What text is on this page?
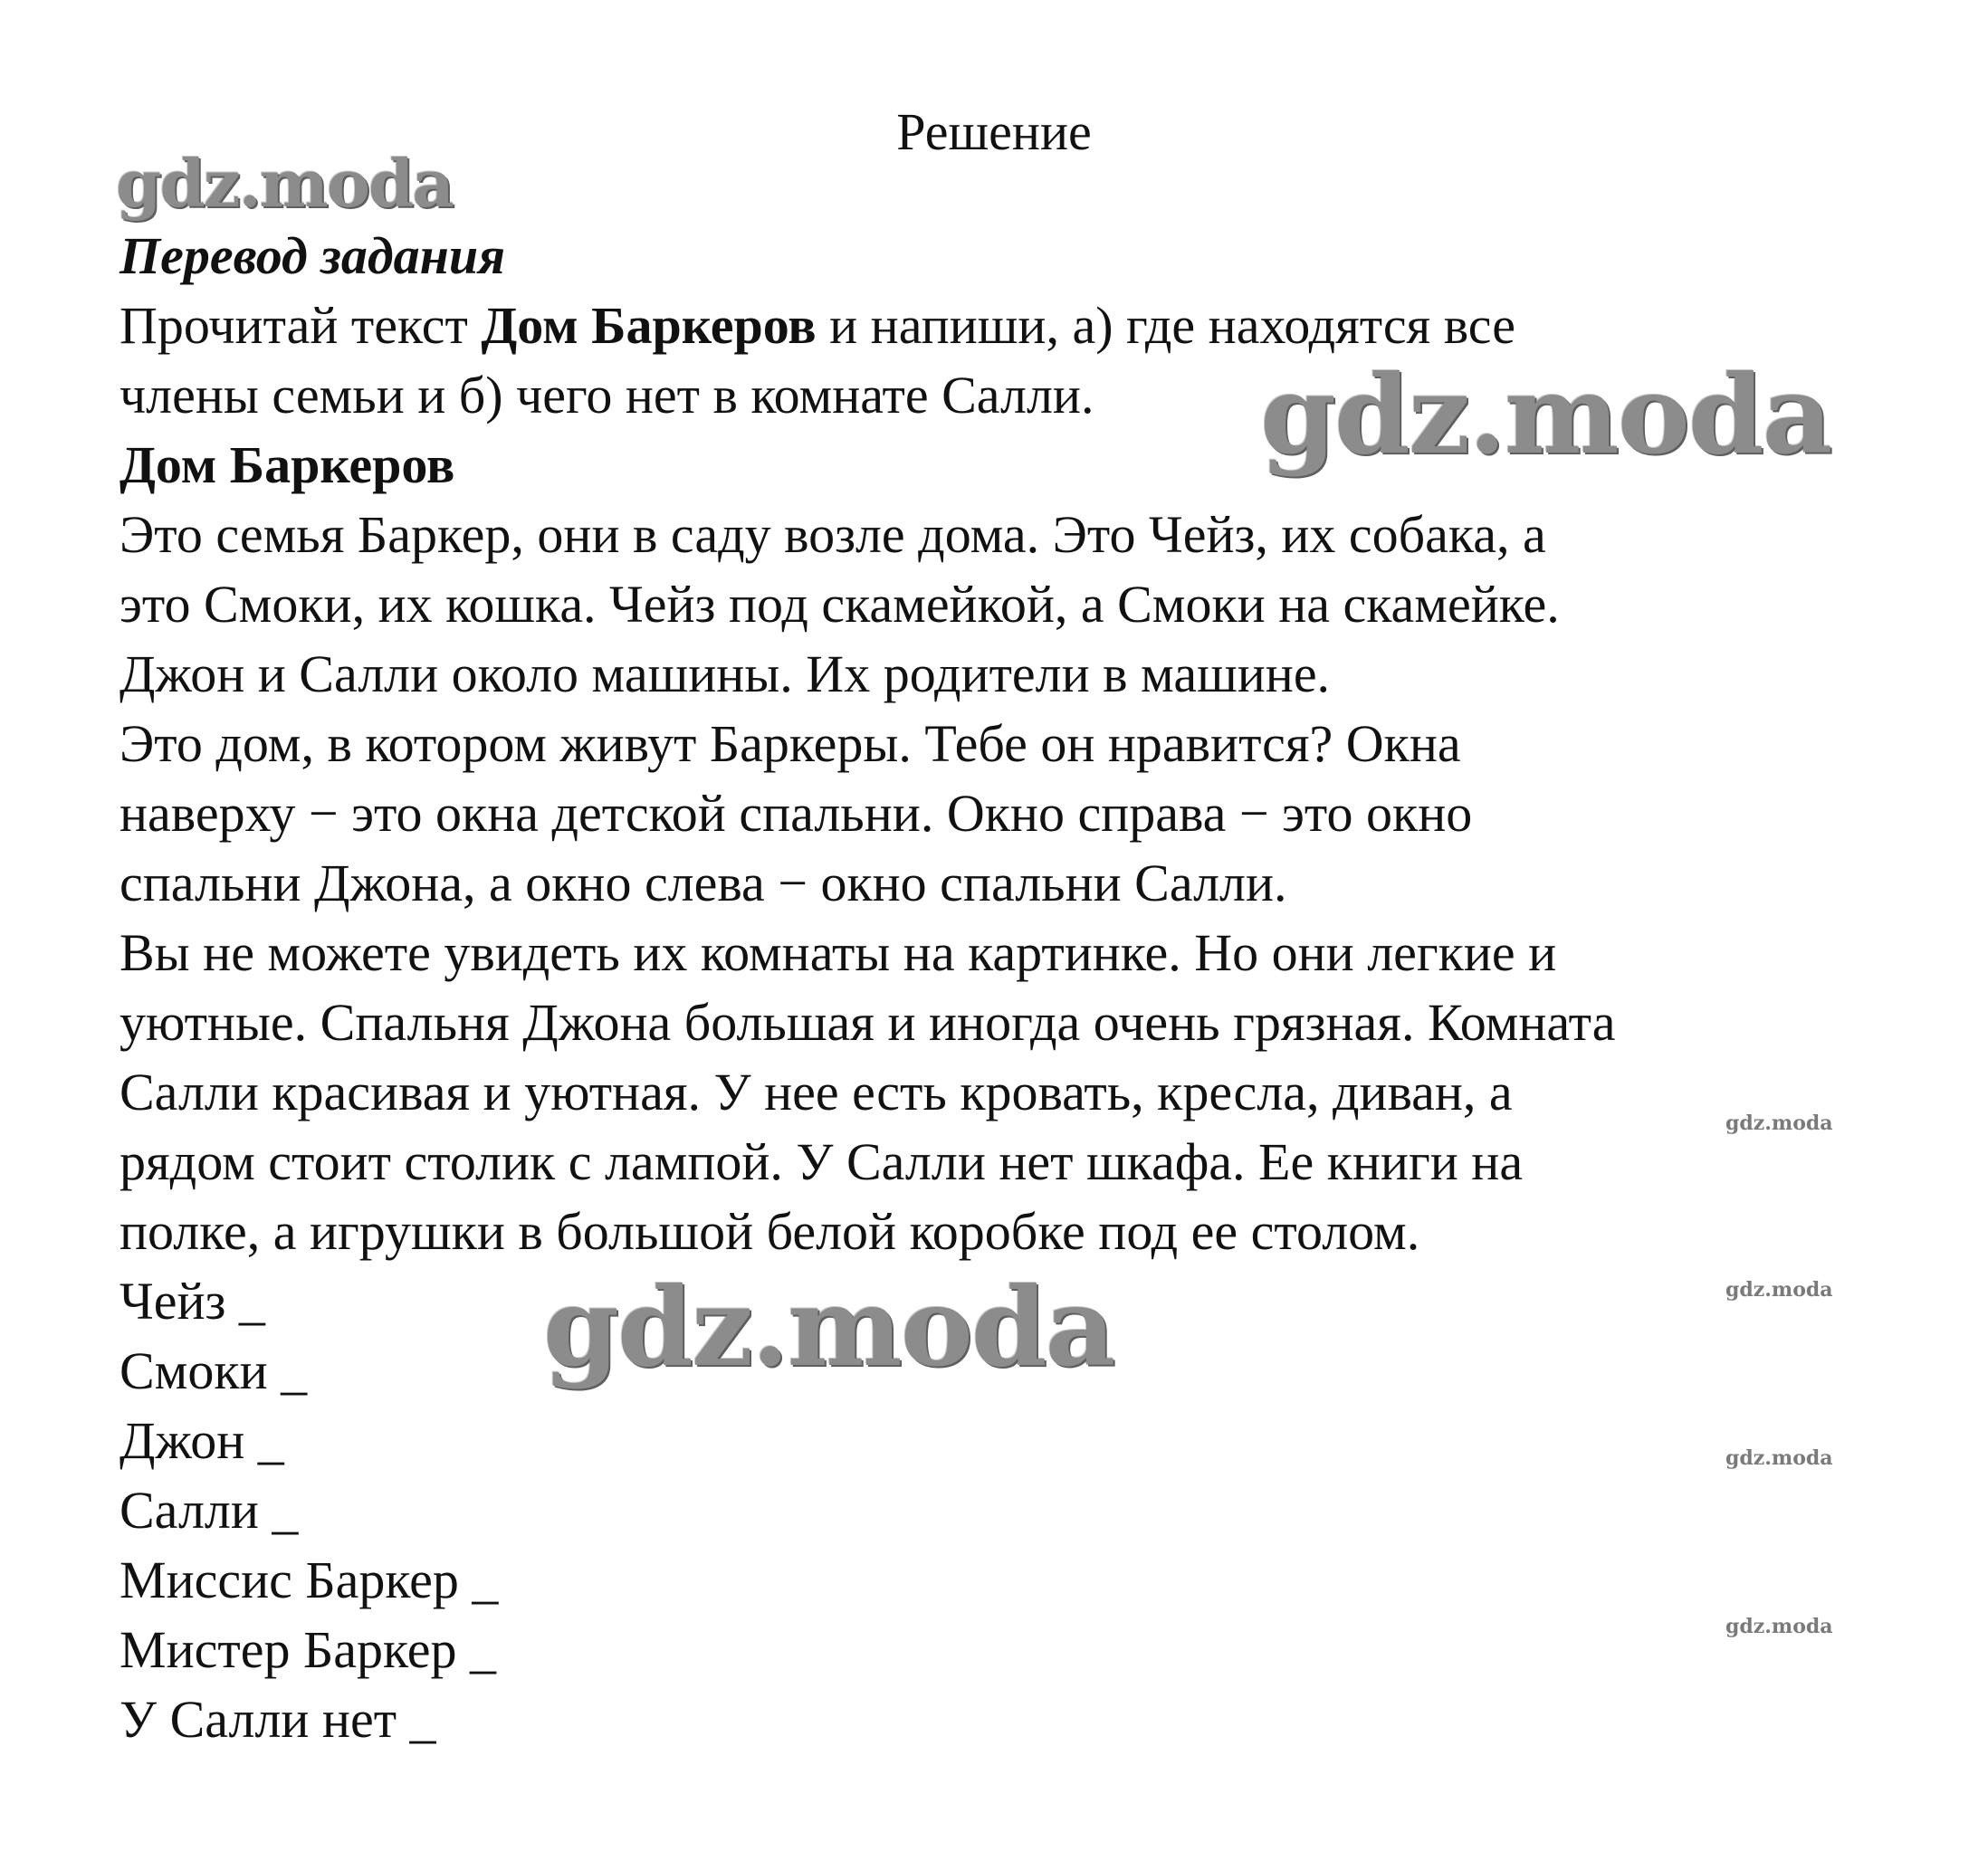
Решение
gdz.moda
Перевод задания
Прочитай текст Дом Баркеров и напиши, а) где находятся все
члены семьи и б) чего нет в комнате Салли.
Дом Баркеров
Это семья Баркер, они в саду возле дома. Это Чейз, их собака, а
это Смоки, их кошка. Чейз под скамейкой, а Смоки на скамейке.
Джон и Салли около машины. Их родители в машине.
Это дом, в котором живут Баркеры. Тебе он нравится? Окна
наверху − это окна детской спальни. Окно справа − это окно
спальни Джона, а окно слева − окно спальни Салли.
Вы не можете увидеть их комнаты на картинке. Но они легкие и
уютные. Спальня Джона большая и иногда очень грязная. Комната
Салли красивая и уютная. У нее есть кровать, кресла, диван, а
рядом стоит столик с лампой. У Салли нет шкафа. Ее книги на
полке, а игрушки в большой белой коробке под ее столом.
Чейз _
Смоки _
Джон _
Салли _
Миссис Баркер _
Мистер Баркер _
У Салли нет _
gdz.moda
gdz.moda
gdz.moda
gdz.moda
gdz.moda
gdz.moda
